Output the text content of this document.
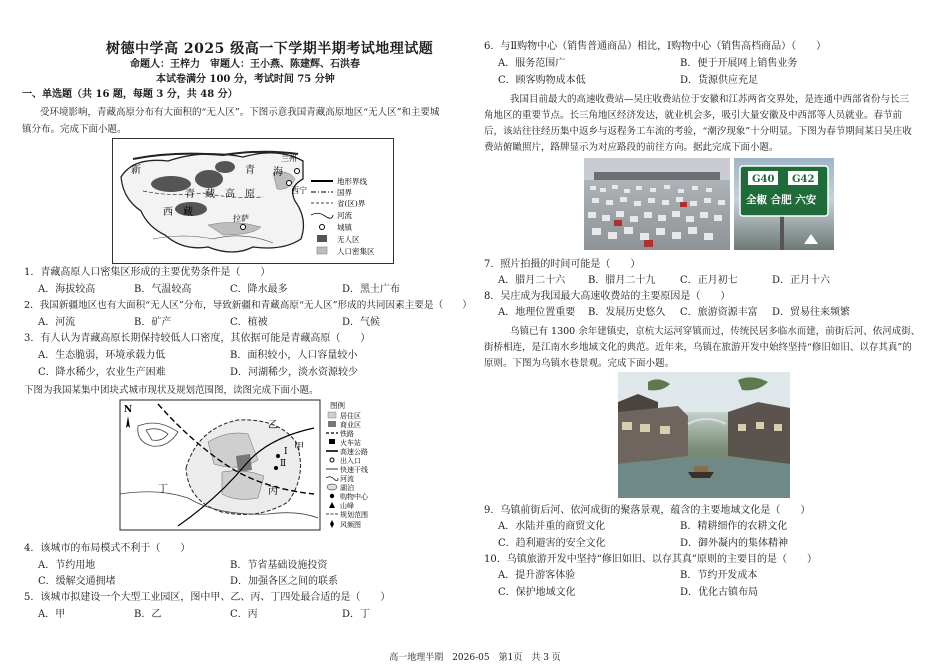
树德中学高 2025 级高一下学期半期考试地理试题
命题人：王梓力　审题人：王小燕、陈建辉、石洪春
本试卷满分 100 分，考试时间 75 分钟
一、单选题（共 16 题，每题 3 分，共 48 分）
受环境影响，青藏高原分布有大面积的“无人区”。下图示意我国青藏高原地区“无人区”和主要城
镇分布。完成下面小题。
新	青 海
青　藏　高　原
西　藏
拉萨
兰州
西宁
地形界线
国界
省(区)界
河流
城镇
无人区
人口密集区
1．青藏高原人口密集区形成的主要优势条件是（　　）
A．海拔较高	B．气温较高	C．降水最多	D．黑土广布
2．我国新疆地区也有大面积“无人区”分布，导致新疆和青藏高原“无人区”形成的共同因素主要是（　　）
A．河流	B．矿产	C．植被	D．气候
3．有人认为青藏高原长期保持较低人口密度，其依据可能是青藏高原（　　）
A．生态脆弱，环境承载力低	B．面积较小，人口容量较小
C．降水稀少，农业生产困难	D．河湖稀少，淡水资源较少
下图为我国某集中团块式城市现状及规划范围图，读图完成下面小题。
N
乙
甲
丙
丁
Ⅰ
Ⅱ
图例
居住区
商业区
铁路
火车站
高速公路
出入口
快速干线
河流
湖泊
购物中心
山峰
规划范围
风频图
4．该城市的布局模式不利于（　　）
A．节约用地	B．节省基础设施投资
C．缓解交通拥堵	D．加强各区之间的联系
5．该城市拟建设一个大型工业园区，图中甲、乙、丙、丁四处最合适的是（　　）
A．甲	B．乙	C．丙	D．丁
6．与Ⅱ购物中心（销售普通商品）相比，Ⅰ购物中心（销售高档商品）（　　）
A．服务范围广	B．便于开展网上销售业务
C．顾客购物成本低	D．货源供应充足
我国目前最大的高速收费站—吴庄收费站位于安徽和江苏两省交界处，是连通中西部省份与长三
角地区的重要节点。长三角地区经济发达，就业机会多，吸引大量安徽及中西部等人员就业。春节前
后，该站往往经历集中返乡与返程务工车流的考验，“潮汐现象”十分明显。下图为春节期间某日吴庄收
费站俯瞰照片，路牌显示为对应路段的前往方向。据此完成下面小题。
G40 G42
全椒 合肥 六安
7．照片拍摄的时间可能是（　　）
A．腊月二十六 B．腊月二十九 C．正月初七	D．正月十六
8．吴庄成为我国最大高速收费站的主要原因是（　　）
A．地理位置重要 B．发展历史悠久 C．旅游资源丰富 D．贸易往来频繁
乌镇已有 1300 余年建镇史，京杭大运河穿镇而过，传统民居多临水而建，前街后河、依河成街、
街桥相连，是江南水乡地域文化的典范。近年来，乌镇在旅游开发中始终坚持“修旧如旧、以存其真”的
原则。下图为乌镇水巷景观。完成下面小题。
9．乌镇前街后河、依河成街的聚落景观，蕴含的主要地域文化是（　　）
A．水陆并重的商贸文化	B．精耕细作的农耕文化
C．趋利避害的安全文化	D．御外凝内的集体精神
10．乌镇旅游开发中坚持“修旧如旧、以存其真”原则的主要目的是（　　）
A．提升游客体验	B．节约开发成本
C．保护地域文化	D．优化古镇布局
高一地理半期　2026-05　第1页　共 3 页
